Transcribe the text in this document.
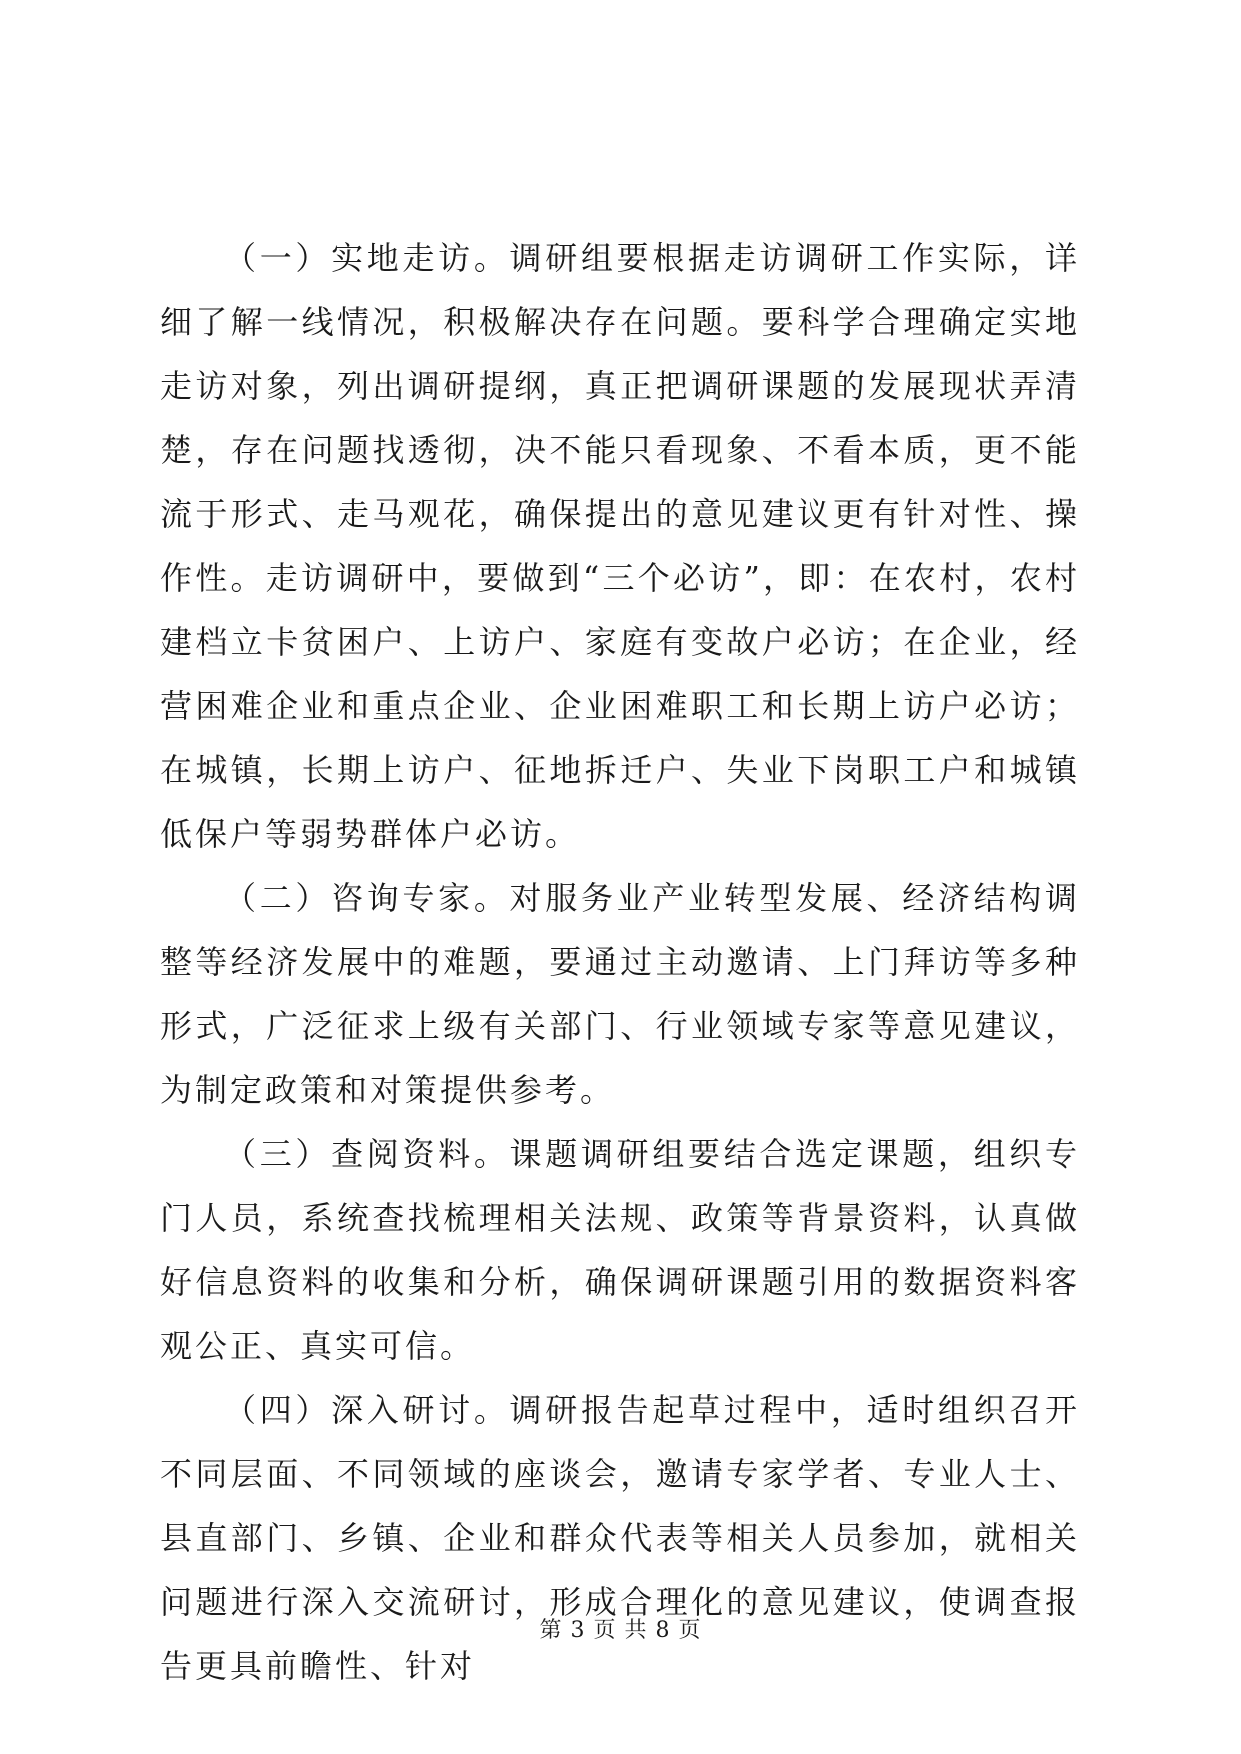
（一）实地走访。调研组要根据走访调研工作实际，详细了解一线情况，积极解决存在问题。要科学合理确定实地走访对象，列出调研提纲，真正把调研课题的发展现状弄清楚，存在问题找透彻，决不能只看现象、不看本质，更不能流于形式、走马观花，确保提出的意见建议更有针对性、操作性。走访调研中，要做到“三个必访”，即：在农村，农村建档立卡贫困户、上访户、家庭有变故户必访；在企业，经营困难企业和重点企业、企业困难职工和长期上访户必访；在城镇，长期上访户、征地拆迁户、失业下岗职工户和城镇低保户等弱势群体户必访。

（二）咨询专家。对服务业产业转型发展、经济结构调整等经济发展中的难题，要通过主动邀请、上门拜访等多种形式，广泛征求上级有关部门、行业领域专家等意见建议，为制定政策和对策提供参考。

（三）查阅资料。课题调研组要结合选定课题，组织专门人员，系统查找梳理相关法规、政策等背景资料，认真做好信息资料的收集和分析，确保调研课题引用的数据资料客观公正、真实可信。

（四）深入研讨。调研报告起草过程中，适时组织召开不同层面、不同领域的座谈会，邀请专家学者、专业人士、县直部门、乡镇、企业和群众代表等相关人员参加，就相关问题进行深入交流研讨，形成合理化的意见建议，使调查报告更具前瞻性、针对

第 3 页 共 8 页
